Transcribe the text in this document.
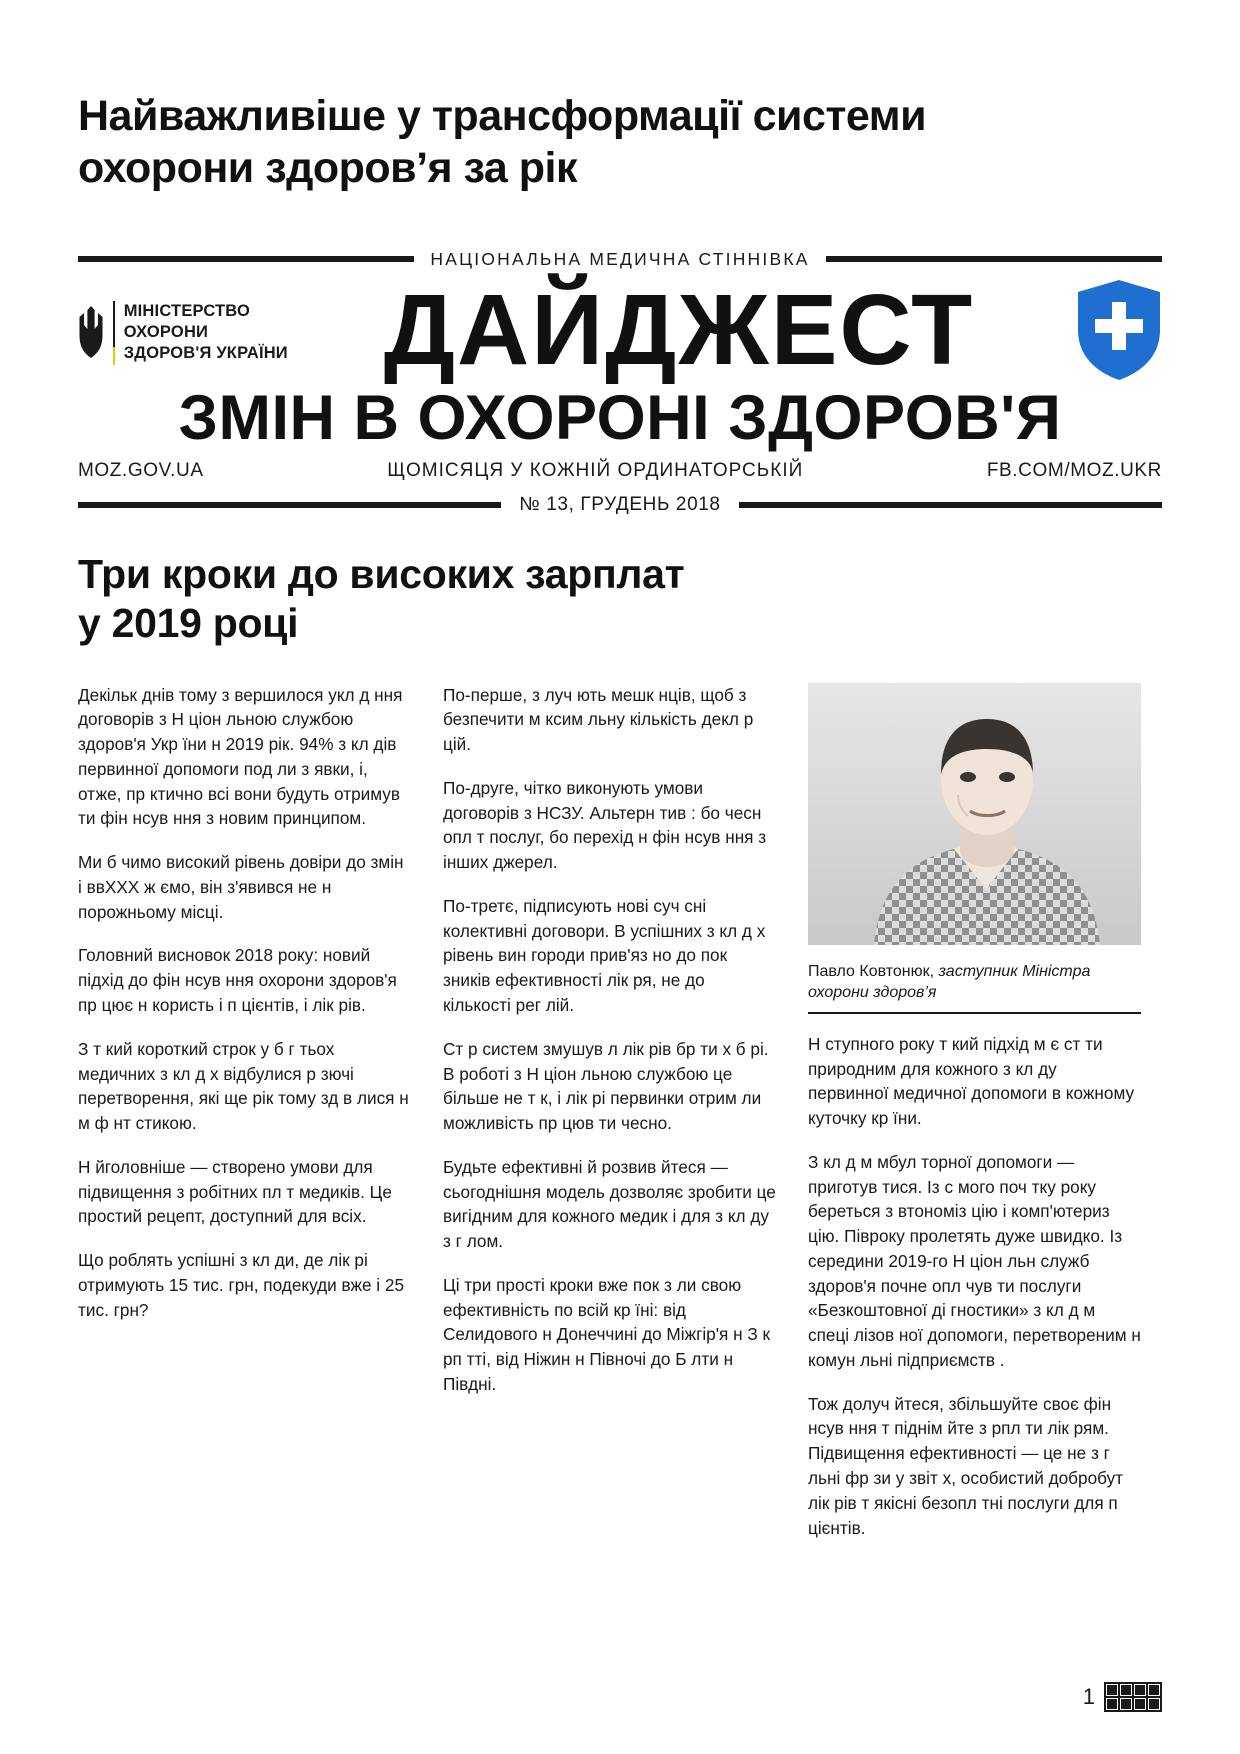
Найважливіше у трансформації системи охорони здоров’я за рік
НАЦІОНАЛЬНА МЕДИЧНА СТІННІВКА
МІНІСТЕРСТВО ОХОРОНИ ЗДОРОВ'Я УКРАЇНИ ДАЙДЖЕСТ
ЗМІН В ОХОРОНІ ЗДОРОВ'Я
MOZ.GOV.UA	ЩОМІСЯЦЯ У КОЖНІЙ ОРДИНАТОРСЬКІЙ	FB.COM/MOZ.UKR
№ 13, ГРУДЕНЬ 2018
Три кроки до високих зарплат у 2019 році

Декільк днів тому з вершилося укл д ння договорів з Н ціон льною службою здоров'я Укр їни н 2019 рік. 94% з кл дів первинної допомоги под ли з явки, і, отже, пр ктично всі вони будуть отримув ти фін нсув ння з новим принципом.

Ми б чимо високий рівень довіри до змін і ввXXX ж ємо, він з'явився не н порожньому місці.

Головний висновок 2018 року: новий підхід до фін нсув ння охорони здоров'я пр цює н користь і п цієнтів, і лік рів.

З т кий короткий строк у б г тьох медичних з кл д х відбулися р зючі перетворення, які ще рік тому зд в лися н м ф нт стикою.

Н йголовніше — створено умови для підвищення з робітних пл т медиків. Це простий рецепт, доступний для всіх.

Що роблять успішні з кл ди, де лік рі отримують 15 тис. грн, подекуди вже і 25 тис. грн?

По-перше, з луч ють мешк нців, щоб з безпечити м ксим льну кількість декл р цій.

По-друге, чітко виконують умови договорів з НСЗУ. Альтерн тив : бо чесн опл т послуг, бо перехід н фін нсув ння з інших джерел.

По-третє, підписують нові суч сні колективні договори. В успішних з кл д х рівень вин городи прив'яз но до пок зників ефективності лік ря, не до кількості рег лій.

Ст р систем змушув л лік рів бр ти х б рі. В роботі з Н ціон льною службою це більше не т к, і лік рі первинки отрим ли можливість пр цюв ти чесно.

Будьте ефективні й розвив йтеся — сьогоднішня модель дозволяє зробити це вигідним для кожного медик і для з кл ду з г лом.

Ці три прості кроки вже пок з ли свою ефективність по всій кр їні: від Селидового н Донеччині до Міжгір'я н З к рп тті, від Ніжин н Півночі до Б лти н Півдні.

Павло Ковтонюк, заступник Міністра охорони здоров’я

Н ступного року т кий підхід м є ст ти природним для кожного з кл ду первинної медичної допомоги в кожному куточку кр їни.

З кл д м мбул торної допомоги — приготув тися. Із с мого поч тку року береться з втономіз цію і комп'ютериз цію. Півроку пролетять дуже швидко. Із середини 2019-го Н ціон льн служб здоров'я почне опл чув ти послуги «Безкоштовної ді гностики» з кл д м спеці лізов ної допомоги, перетвореним н комун льні підприємств .

Тож долуч йтеся, збільшуйте своє фін нсув ння т піднім йте з рпл ти лік рям. Підвищення ефективності — це не з г льні фр зи у звіт х, особистий добробут лік рів т якісні безопл тні послуги для п цієнтів.

1
